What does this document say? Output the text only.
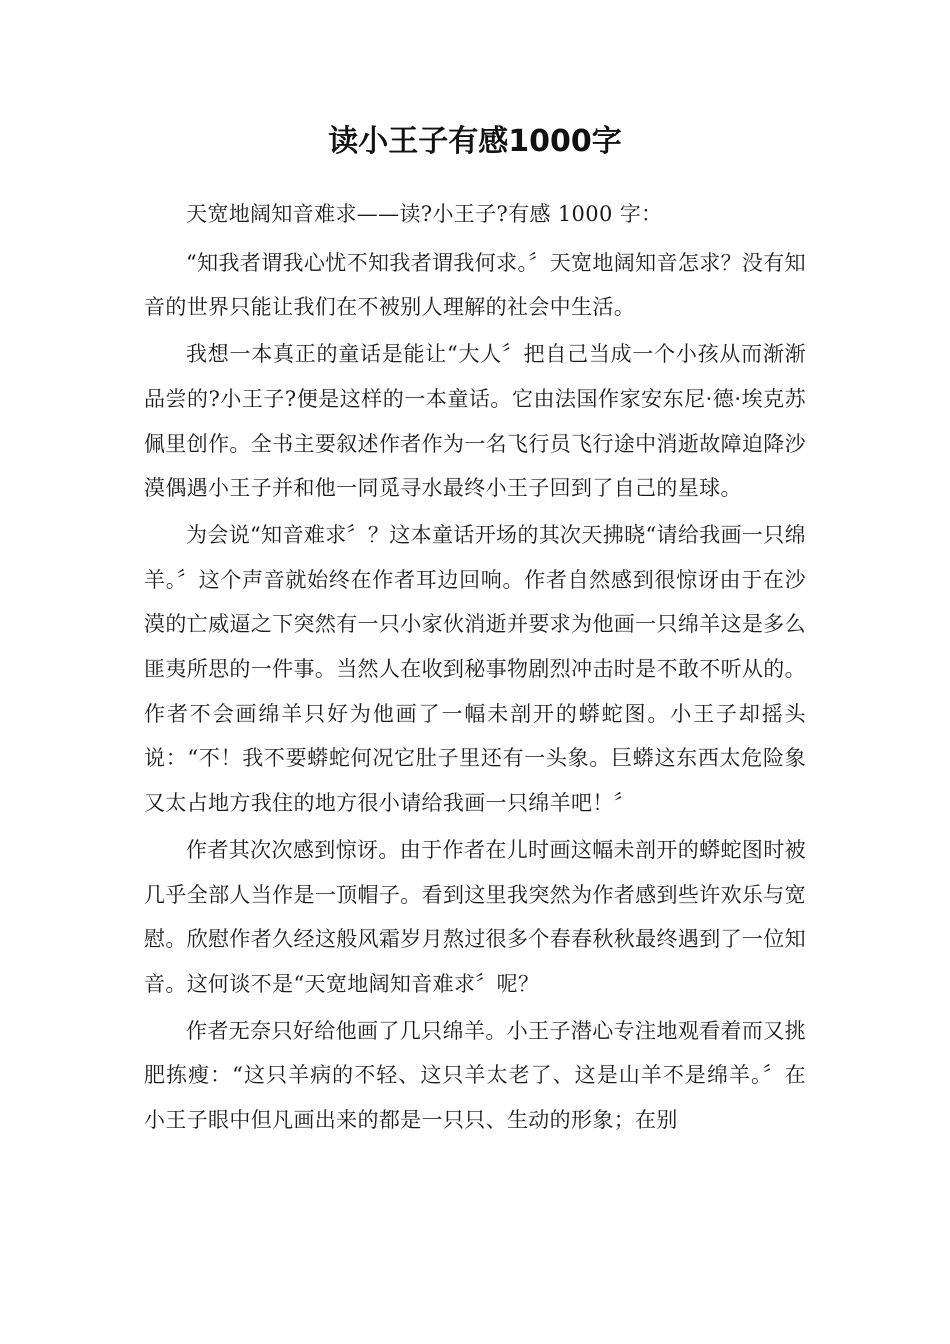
读小王子有感1000字

天宽地阔知音难求——读?小王子?有感 1000 字：

“知我者谓我心忧不知我者谓我何求。〞天宽地阔知音怎求？没有知音的世界只能让我们在不被别人理解的社会中生活。

我想一本真正的童话是能让“大人〞把自己当成一个小孩从而渐渐品尝的?小王子?便是这样的一本童话。它由法国作家安东尼·德·埃克苏佩里创作。全书主要叙述作者作为一名飞行员飞行途中消逝故障迫降沙漠偶遇小王子并和他一同觅寻水最终小王子回到了自己的星球。

为会说“知音难求〞？这本童话开场的其次天拂晓“请给我画一只绵羊。〞这个声音就始终在作者耳边回响。作者自然感到很惊讶由于在沙漠的亡威逼之下突然有一只小家伙消逝并要求为他画一只绵羊这是多么匪夷所思的一件事。当然人在收到秘事物剧烈冲击时是不敢不听从的。作者不会画绵羊只好为他画了一幅未剖开的蟒蛇图。小王子却摇头说：“不！我不要蟒蛇何况它肚子里还有一头象。巨蟒这东西太危险象又太占地方我住的地方很小请给我画一只绵羊吧！〞

作者其次次感到惊讶。由于作者在儿时画这幅未剖开的蟒蛇图时被几乎全部人当作是一顶帽子。看到这里我突然为作者感到些许欢乐与宽慰。欣慰作者久经这般风霜岁月熬过很多个春春秋秋最终遇到了一位知音。这何谈不是“天宽地阔知音难求〞呢？

作者无奈只好给他画了几只绵羊。小王子潜心专注地观看着而又挑肥拣瘦：“这只羊病的不轻、这只羊太老了、这是山羊不是绵羊。〞在小王子眼中但凡画出来的都是一只只、生动的形象；在别
